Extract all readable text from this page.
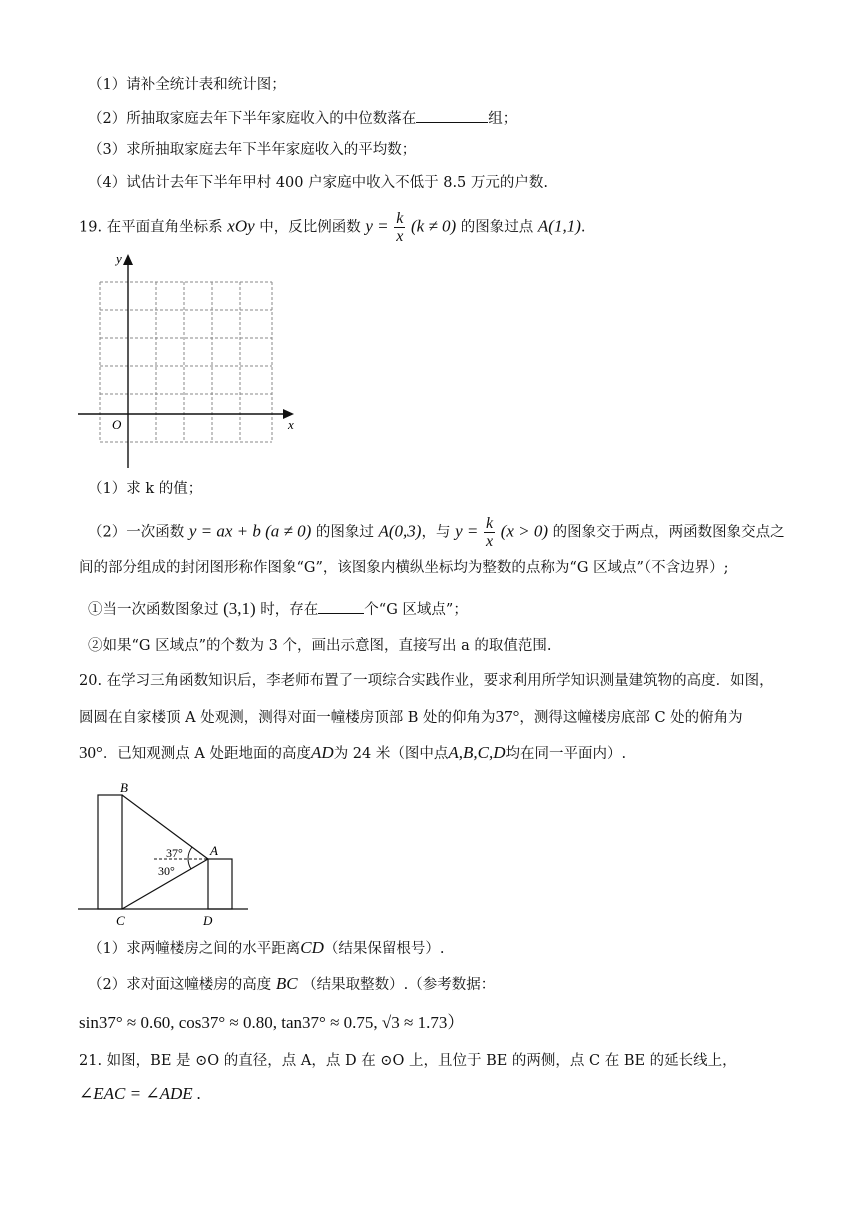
（1）请补全统计表和统计图；
（2）所抽取家庭去年下半年家庭收入的中位数落在	组；
（3）求所抽取家庭去年下半年家庭收入的平均数；
（4）试估计去年下半年甲村 400 户家庭中收入不低于 8.5 万元的户数.
19. 在平面直角坐标系 xOy 中，反比例函数 $y = \frac{k}{x} (k \ne 0)$ 的图象过点 A(1,1).
y
x
O
（1）求 k 的值；
（2）一次函数 y = ax + b (a ≠ 0) 的图象过 A(0,3)，与 $y = \frac{k}{x} (x > 0)$ 的图象交于两点，两函数图象交点之
间的部分组成的封闭图形称作图象“G”，该图象内横纵坐标均为整数的点称为“G 区域点”（不含边界）;
①当一次函数图象过 (3,1) 时，存在	个“G 区域点”；
②如果“G 区域点”的个数为 3 个，画出示意图，直接写出 a 的取值范围.
20. 在学习三角函数知识后，李老师布置了一项综合实践作业，要求利用所学知识测量建筑物的高度．如图，
圆圆在自家楼顶 A 处观测，测得对面一幢楼房顶部 B 处的仰角为37°，测得这幢楼房底部 C 处的俯角为
30°．已知观测点 A 处距地面的高度AD为 24 米（图中点A,B,C,D均在同一平面内）.
B
A
C	D
37°
30°
（1）求两幢楼房之间的水平距离CD（结果保留根号）.
（2）求对面这幢楼房的高度 BC （结果取整数）.（参考数据：
sin37° ≈ 0.60, cos37° ≈ 0.80, tan37° ≈ 0.75, √3 ≈ 1.73）
21. 如图，BE 是 ⊙O 的直径，点 A，点 D 在 ⊙O 上，且位于 BE 的两侧，点 C 在 BE 的延长线上，
∠EAC = ∠ADE .
